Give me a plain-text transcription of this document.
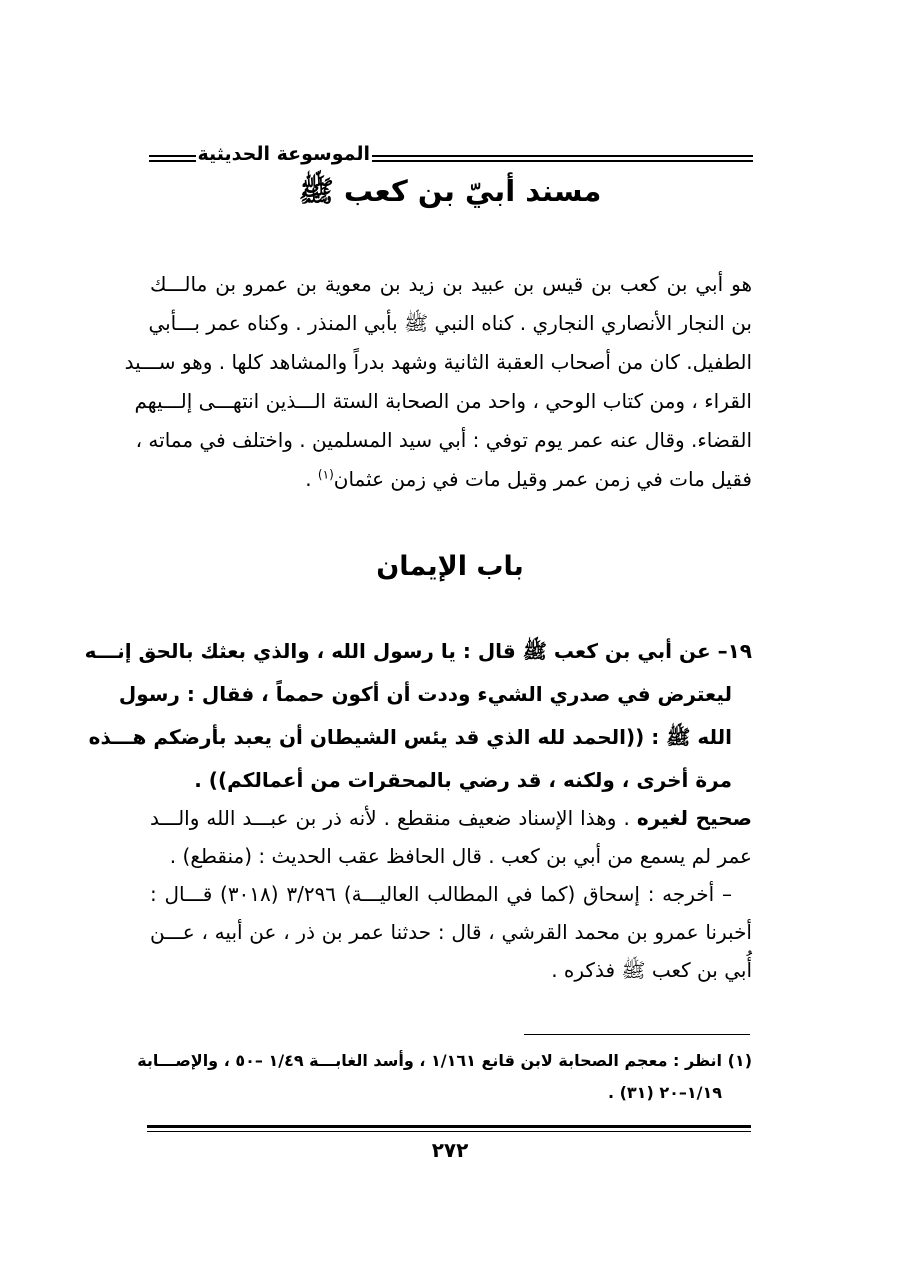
الموسوعة الحديثية
مسند أبيّ بن كعب ﷺ
هو أبي بن كعب بن قيس بن عبيد بن زيد بن معوية بن عمرو بن مالـــك
بن النجار الأنصاري النجاري . كناه النبي ﷺ بأبي المنذر . وكناه عمر بـــأبي
الطفيل. كان من أصحاب العقبة الثانية وشهد بدراً والمشاهد كلها . وهو ســـيد
القراء ، ومن كتاب الوحي ، واحد من الصحابة الستة الـــذين انتهـــى إلـــيهم
القضاء. وقال عنه عمر يوم توفي : أبي سيد المسلمين . واختلف في مماته ،
فقيل مات في زمن عمر وقيل مات في زمن عثمان$^{(١)}$ .
باب الإيمان
١٩– عن أبي بن كعب ﷺ قال : يا رسول الله ، والذي بعثك بالحق إنـــه
ليعترض في صدري الشيء وددت أن أكون حمماً ، فقال : رسول
الله ﷺ : ((الحمد لله الذي قد يئس الشيطان أن يعبد بأرضكم هـــذه
مرة أخرى ، ولكنه ، قد رضي بالمحقرات من أعمالكم)) .
صحيح لغيره . وهذا الإسناد ضعيف منقطع . لأنه ذر بن عبـــد الله والـــد
عمر لم يسمع من أبي بن كعب . قال الحافظ عقب الحديث : (منقطع) .
– أخرجه : إسحاق (كما في المطالب العاليـــة) ٣/٢٩٦ (٣٠١٨) قـــال :
أخبرنا عمرو بن محمد القرشي ، قال : حدثنا عمر بن ذر ، عن أبيه ، عـــن
أُبي بن كعب ﷺ فذكره .
(١) انظر : معجم الصحابة لابن قانع ١/١٦١ ، وأسد الغابـــة ١/٤٩ –٥٠ ، والإصـــابة
١/١٩–٢٠ (٣١) .
٢٧٢
